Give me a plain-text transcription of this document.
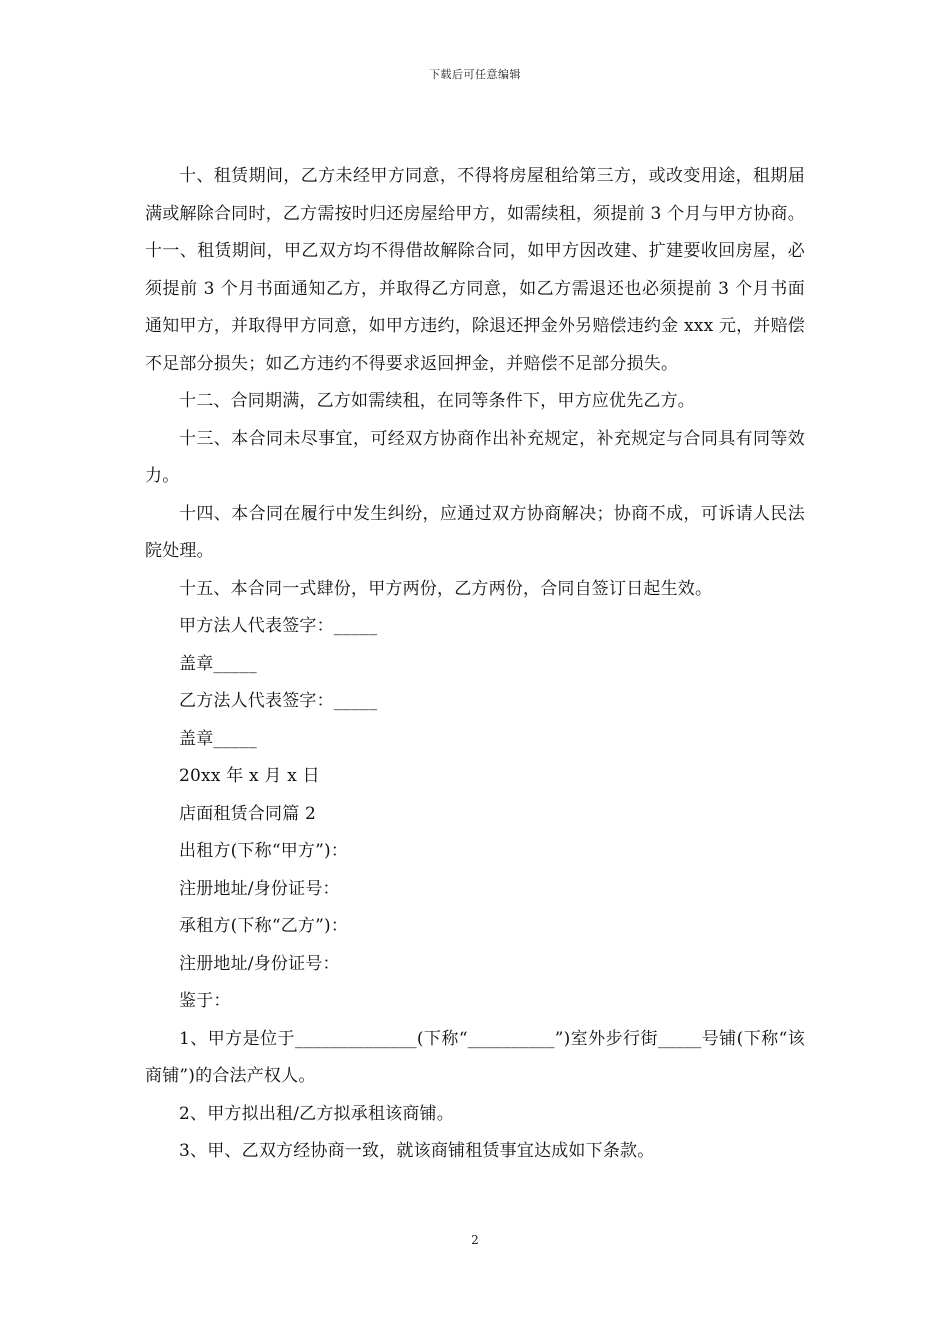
下载后可任意编辑

十、租赁期间，乙方未经甲方同意，不得将房屋租给第三方，或改变用途，租期届满或解除合同时，乙方需按时归还房屋给甲方，如需续租，须提前 3 个月与甲方协商。十一、租赁期间，甲乙双方均不得借故解除合同，如甲方因改建、扩建要收回房屋，必须提前 3 个月书面通知乙方，并取得乙方同意，如乙方需退还也必须提前 3 个月书面通知甲方，并取得甲方同意，如甲方违约，除退还押金外另赔偿违约金 xxx 元，并赔偿不足部分损失；如乙方违约不得要求返回押金，并赔偿不足部分损失。

十二、合同期满，乙方如需续租，在同等条件下，甲方应优先乙方。

十三、本合同未尽事宜，可经双方协商作出补充规定，补充规定与合同具有同等效力。

十四、本合同在履行中发生纠纷，应通过双方协商解决；协商不成，可诉请人民法院处理。

十五、本合同一式肆份，甲方两份，乙方两份，合同自签订日起生效。

甲方法人代表签字：_____

盖章_____

乙方法人代表签字：_____

盖章_____

20xx 年 x 月 x 日

店面租赁合同篇 2

出租方(下称“甲方”)：

注册地址/身份证号：

承租方(下称“乙方”)：

注册地址/身份证号：

鉴于：

1、甲方是位于______________(下称“__________”)室外步行街_____号铺(下称“该商铺”)的合法产权人。

2、甲方拟出租/乙方拟承租该商铺。

3、甲、乙双方经协商一致，就该商铺租赁事宜达成如下条款。

2
